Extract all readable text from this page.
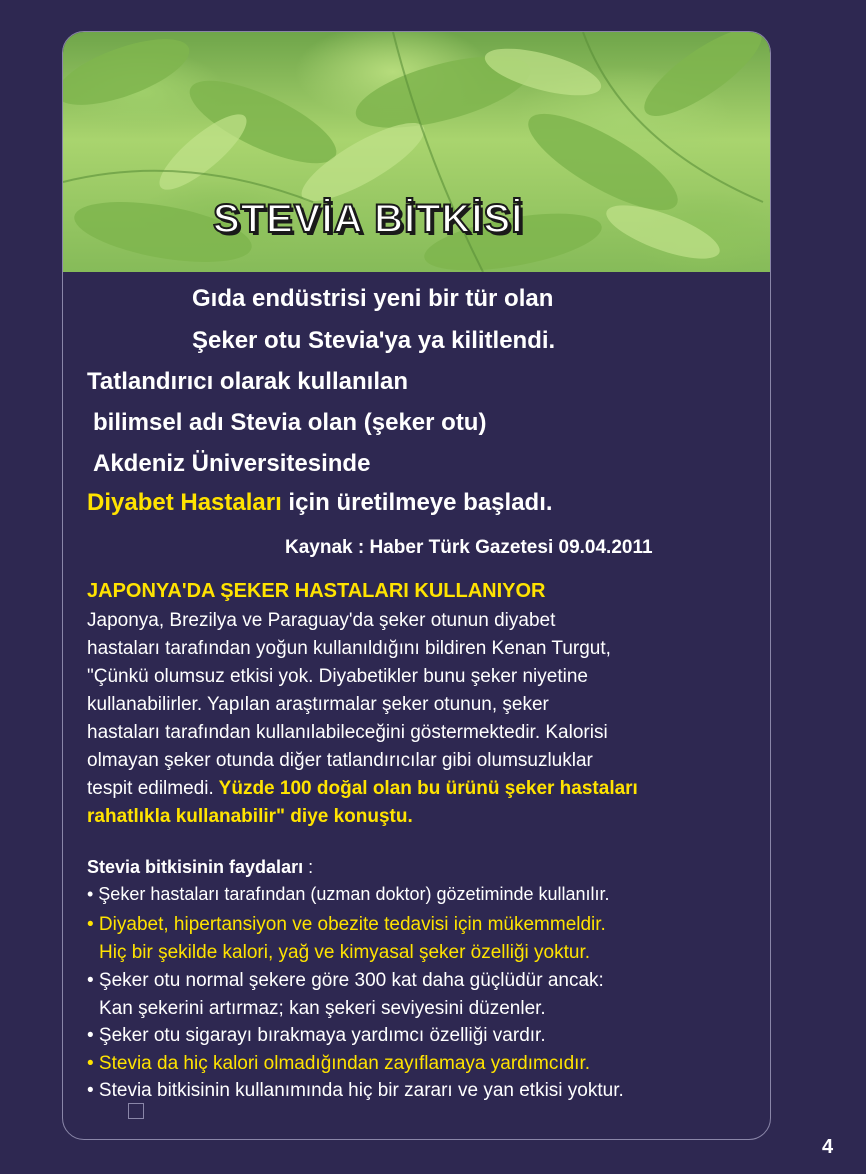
STEVİA BİTKİSİ
Gıda endüstrisi yeni bir tür olan
Şeker otu Stevia'ya ya kilitlendi.
Tatlandırıcı olarak kullanılan
bilimsel adı Stevia olan (şeker otu)
Akdeniz Üniversitesinde
Diyabet Hastaları için üretilmeye başladı.
Kaynak : Haber Türk Gazetesi 09.04.2011
JAPONYA'DA ŞEKER HASTALARI KULLANIYOR
Japonya, Brezilya ve Paraguay'da şeker otunun diyabet
hastaları tarafından yoğun kullanıldığını bildiren Kenan Turgut,
"Çünkü olumsuz etkisi yok. Diyabetikler bunu şeker niyetine
kullanabilirler. Yapılan araştırmalar şeker otunun, şeker
hastaları tarafından kullanılabileceğini göstermektedir. Kalorisi
olmayan şeker otunda diğer tatlandırıcılar gibi olumsuzluklar
tespit edilmedi. Yüzde 100 doğal olan bu ürünü şeker hastaları
rahatlıkla kullanabilir" diye konuştu.
Stevia bitkisinin faydaları :
• Şeker hastaları tarafından (uzman doktor) gözetiminde kullanılır.
• Diyabet, hipertansiyon ve obezite tedavisi için mükemmeldir.
Hiç bir şekilde kalori, yağ ve kimyasal şeker özelliği yoktur.
• Şeker otu normal şekere göre 300 kat daha güçlüdür ancak:
Kan şekerini artırmaz; kan şekeri seviyesini düzenler.
• Şeker otu sigarayı bırakmaya yardımcı özelliği vardır.
• Stevia da hiç kalori olmadığından zayıflamaya yardımcıdır.
• Stevia bitkisinin kullanımında hiç bir zararı ve yan etkisi yoktur.
4
